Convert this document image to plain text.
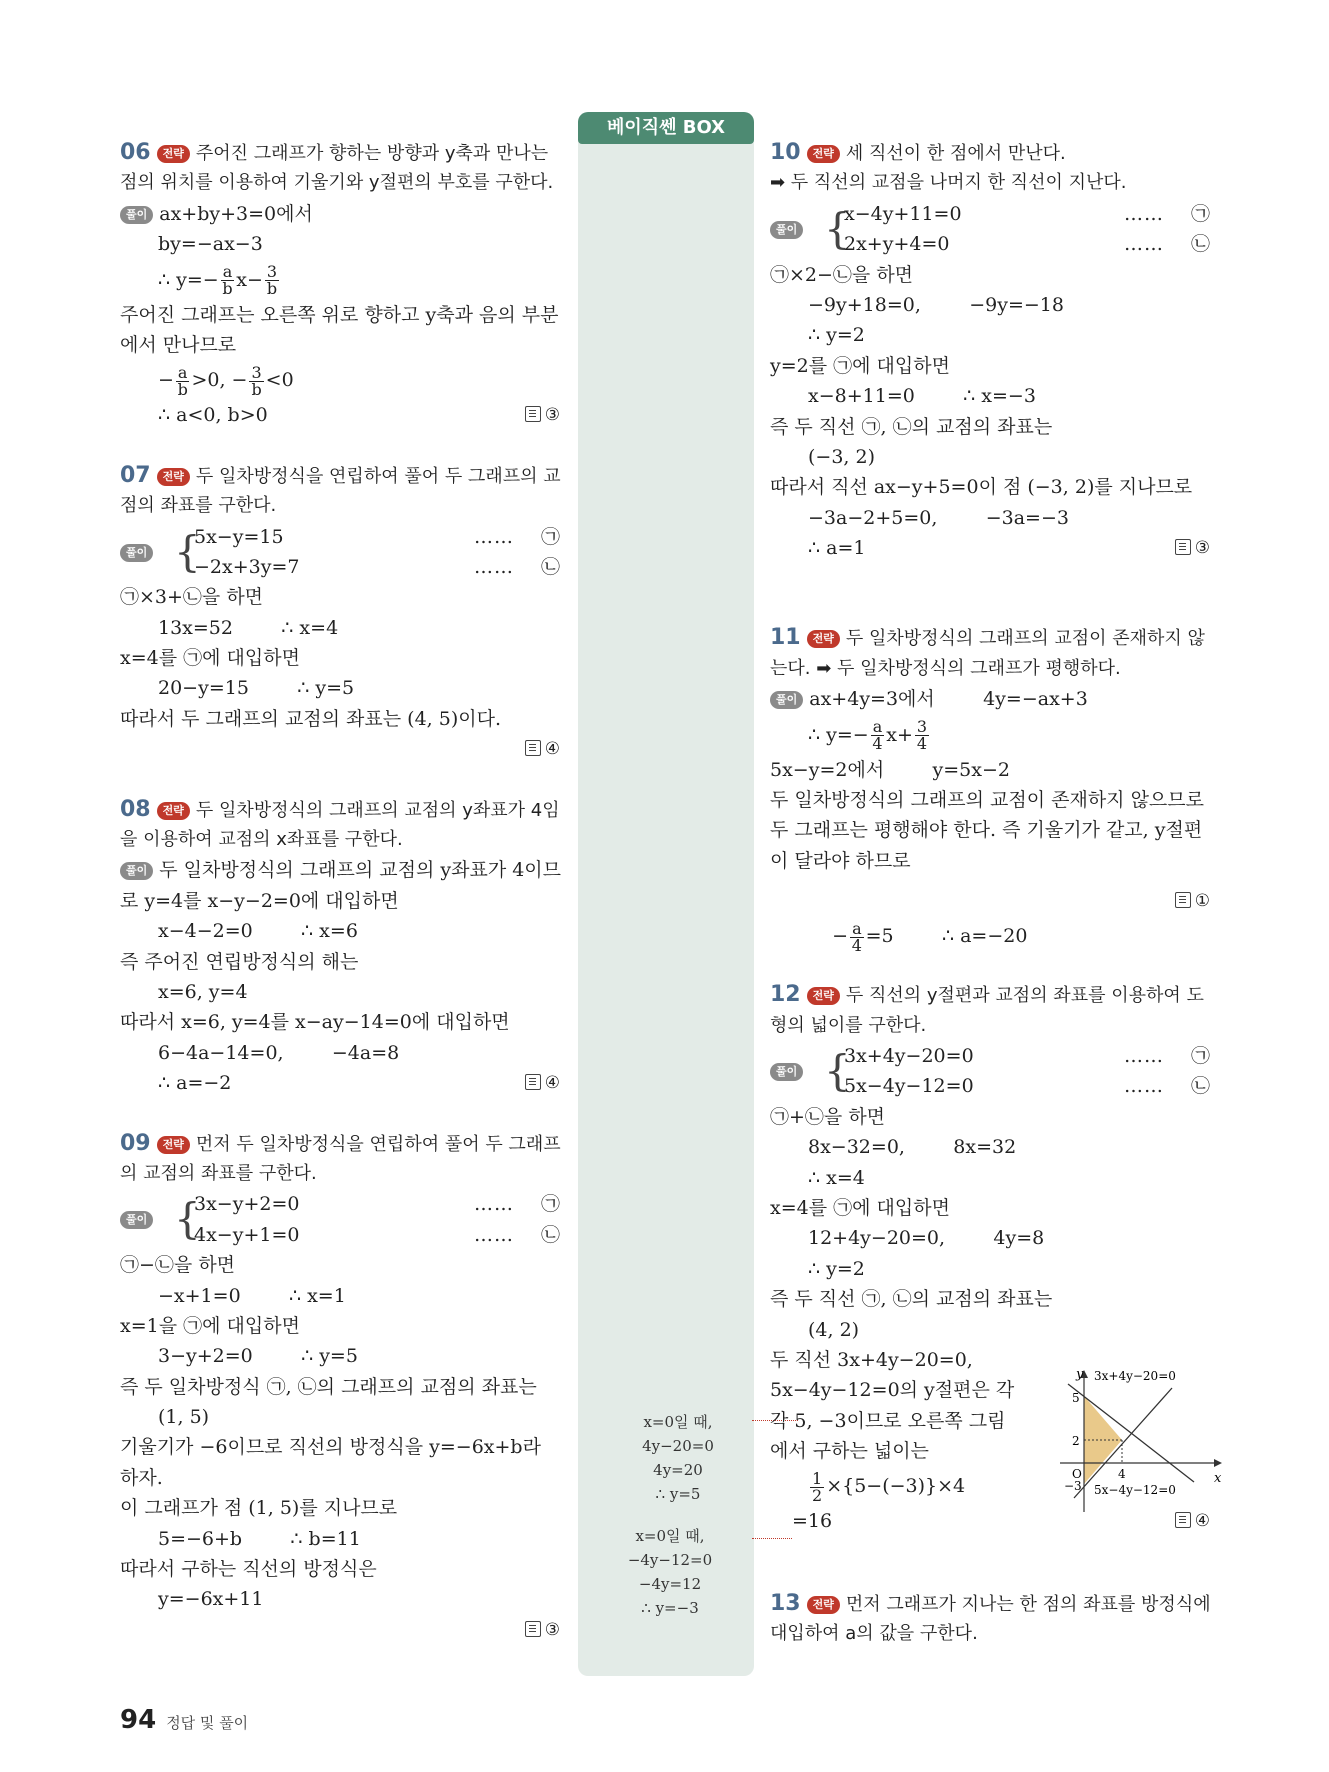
베이직쎈 BOX
x=0일 때,
4y−20=0
4y=20
∴ y=5
x=0일 때,
−4y−12=0
−4y=12
∴ y=−3
06 전략 주어진 그래프가 향하는 방향과 y축과 만나는
점의 위치를 이용하여 기울기와 y절편의 부호를 구한다.
풀이 ax+by+3=0에서
by=−ax−3
∴ $y=- \frac{a}{b} x- \frac{3}{b}$
주어진 그래프는 오른쪽 위로 향하고 y축과 음의 부분
에서 만나므로
− $\frac{a}{b} >0$, − $\frac{3}{b} <0$
∴ a<0, b>0	③
07 전략 두 일차방정식을 연립하여 풀어 두 그래프의 교
점의 좌표를 구한다.
풀이 {
5x−y=15	…… ㉠
−2x+3y=7	…… ㉡
㉠×3+㉡을 하면
13x=52        ∴ x=4
x=4를 ㉠에 대입하면
20−y=15        ∴ y=5
따라서 두 그래프의 교점의 좌표는 (4, 5)이다.
④
08 전략 두 일차방정식의 그래프의 교점의 y좌표가 4임
을 이용하여 교점의 x좌표를 구한다.
풀이 두 일차방정식의 그래프의 교점의 y좌표가 4이므
로 y=4를 x−y−2=0에 대입하면
x−4−2=0        ∴ x=6
즉 주어진 연립방정식의 해는
x=6, y=4
따라서 x=6, y=4를 x−ay−14=0에 대입하면
6−4a−14=0,        −4a=8
∴ a=−2	④
09 전략 먼저 두 일차방정식을 연립하여 풀어 두 그래프
의 교점의 좌표를 구한다.
풀이 {
3x−y+2=0	…… ㉠
4x−y+1=0	…… ㉡
㉠−㉡을 하면
−x+1=0        ∴ x=1
x=1을 ㉠에 대입하면
3−y+2=0        ∴ y=5
즉 두 일차방정식 ㉠, ㉡의 그래프의 교점의 좌표는
(1, 5)
기울기가 −6이므로 직선의 방정식을 y=−6x+b라
하자.
이 그래프가 점 (1, 5)를 지나므로
5=−6+b        ∴ b=11
따라서 구하는 직선의 방정식은
y=−6x+11
③
10 전략 세 직선이 한 점에서 만난다.
➡ 두 직선의 교점을 나머지 한 직선이 지난다.
풀이 {
x−4y+11=0	…… ㉠
2x+y+4=0	…… ㉡
㉠×2−㉡을 하면
−9y+18=0,        −9y=−18
∴ y=2
y=2를 ㉠에 대입하면
x−8+11=0        ∴ x=−3
즉 두 직선 ㉠, ㉡의 교점의 좌표는
(−3, 2)
따라서 직선 ax−y+5=0이 점 (−3, 2)를 지나므로
−3a−2+5=0,        −3a=−3
∴ a=1	③
11 전략 두 일차방정식의 그래프의 교점이 존재하지 않
는다. ➡ 두 일차방정식의 그래프가 평행하다.
풀이 ax+4y=3에서        4y=−ax+3
∴ $y=- \frac{a}{4} x+ \frac{3}{4}$
5x−y=2에서        y=5x−2
두 일차방정식의 그래프의 교점이 존재하지 않으므로
두 그래프는 평행해야 한다. 즉 기울기가 같고, y절편
이 달라야 하므로

− $\frac{a}{4} =5$        ∴ a=−20

①

12 전략 두 직선의 y절편과 교점의 좌표를 이용하여 도
형의 넓이를 구한다.
풀이 {
3x+4y−20=0	…… ㉠
5x−4y−12=0	…… ㉡
㉠+㉡을 하면
8x−32=0,        8x=32
∴ x=4
x=4를 ㉠에 대입하면
12+4y−20=0,        4y=8
∴ y=2
즉 두 직선 ㉠, ㉡의 교점의 좌표는
(4, 2)
두 직선 3x+4y−20=0,
5x−4y−12=0의 y절편은 각
각 5, −3이므로 오른쪽 그림
에서 구하는 넓이는
$\frac{1}{2} \times\{5-(-3)\}\times 4$
=16	④
13 전략 먼저 그래프가 지나는 한 점의 좌표를 방정식에
대입하여 a의 값을 구한다.
y
x
O
5
2
−3
4
3x+4y−20=0
5x−4y−12=0
94 정답 및 풀이
